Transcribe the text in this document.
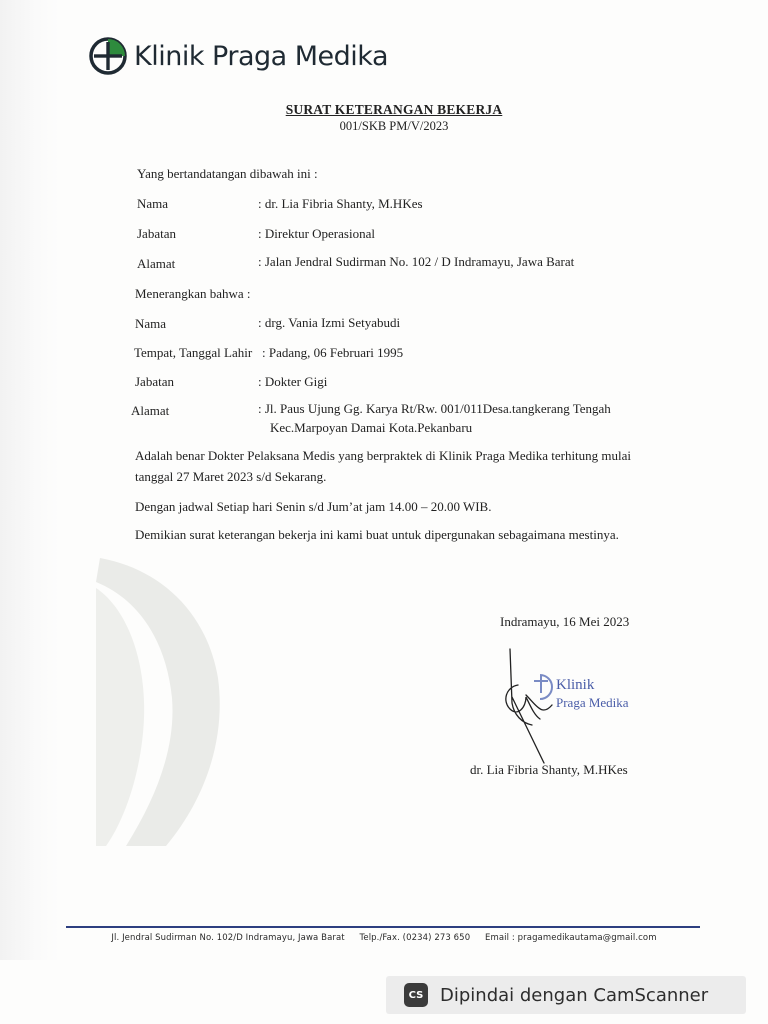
Klinik Praga Medika
SURAT KETERANGAN BEKERJA
001/SKB PM/V/2023
Yang bertandatangan dibawah ini :
Nama	: dr. Lia Fibria Shanty, M.HKes
Jabatan	: Direktur Operasional
Alamat	: Jalan Jendral Sudirman No. 102 / D Indramayu, Jawa Barat
Menerangkan bahwa :
Nama	: drg. Vania Izmi Setyabudi
Tempat, Tanggal Lahir : Padang, 06 Februari 1995
Jabatan	: Dokter Gigi
Alamat	: Jl. Paus Ujung Gg. Karya Rt/Rw. 001/011Desa.tangkerang Tengah
Kec.Marpoyan Damai Kota.Pekanbaru
Adalah benar Dokter Pelaksana Medis yang berpraktek di Klinik Praga Medika terhitung mulai
tanggal 27 Maret 2023 s/d Sekarang.
Dengan jadwal Setiap hari Senin s/d Jum’at jam 14.00 – 20.00 WIB.
Demikian surat keterangan bekerja ini kami buat untuk dipergunakan sebagaimana mestinya.
Indramayu, 16 Mei 2023
Klinik
Praga Medika
dr. Lia Fibria Shanty, M.HKes
Jl. Jendral Sudirman No. 102/D Indramayu, Jawa Barat Telp./Fax. (0234) 273 650 Email : pragamedikautama@gmail.com
CS Dipindai dengan CamScanner
